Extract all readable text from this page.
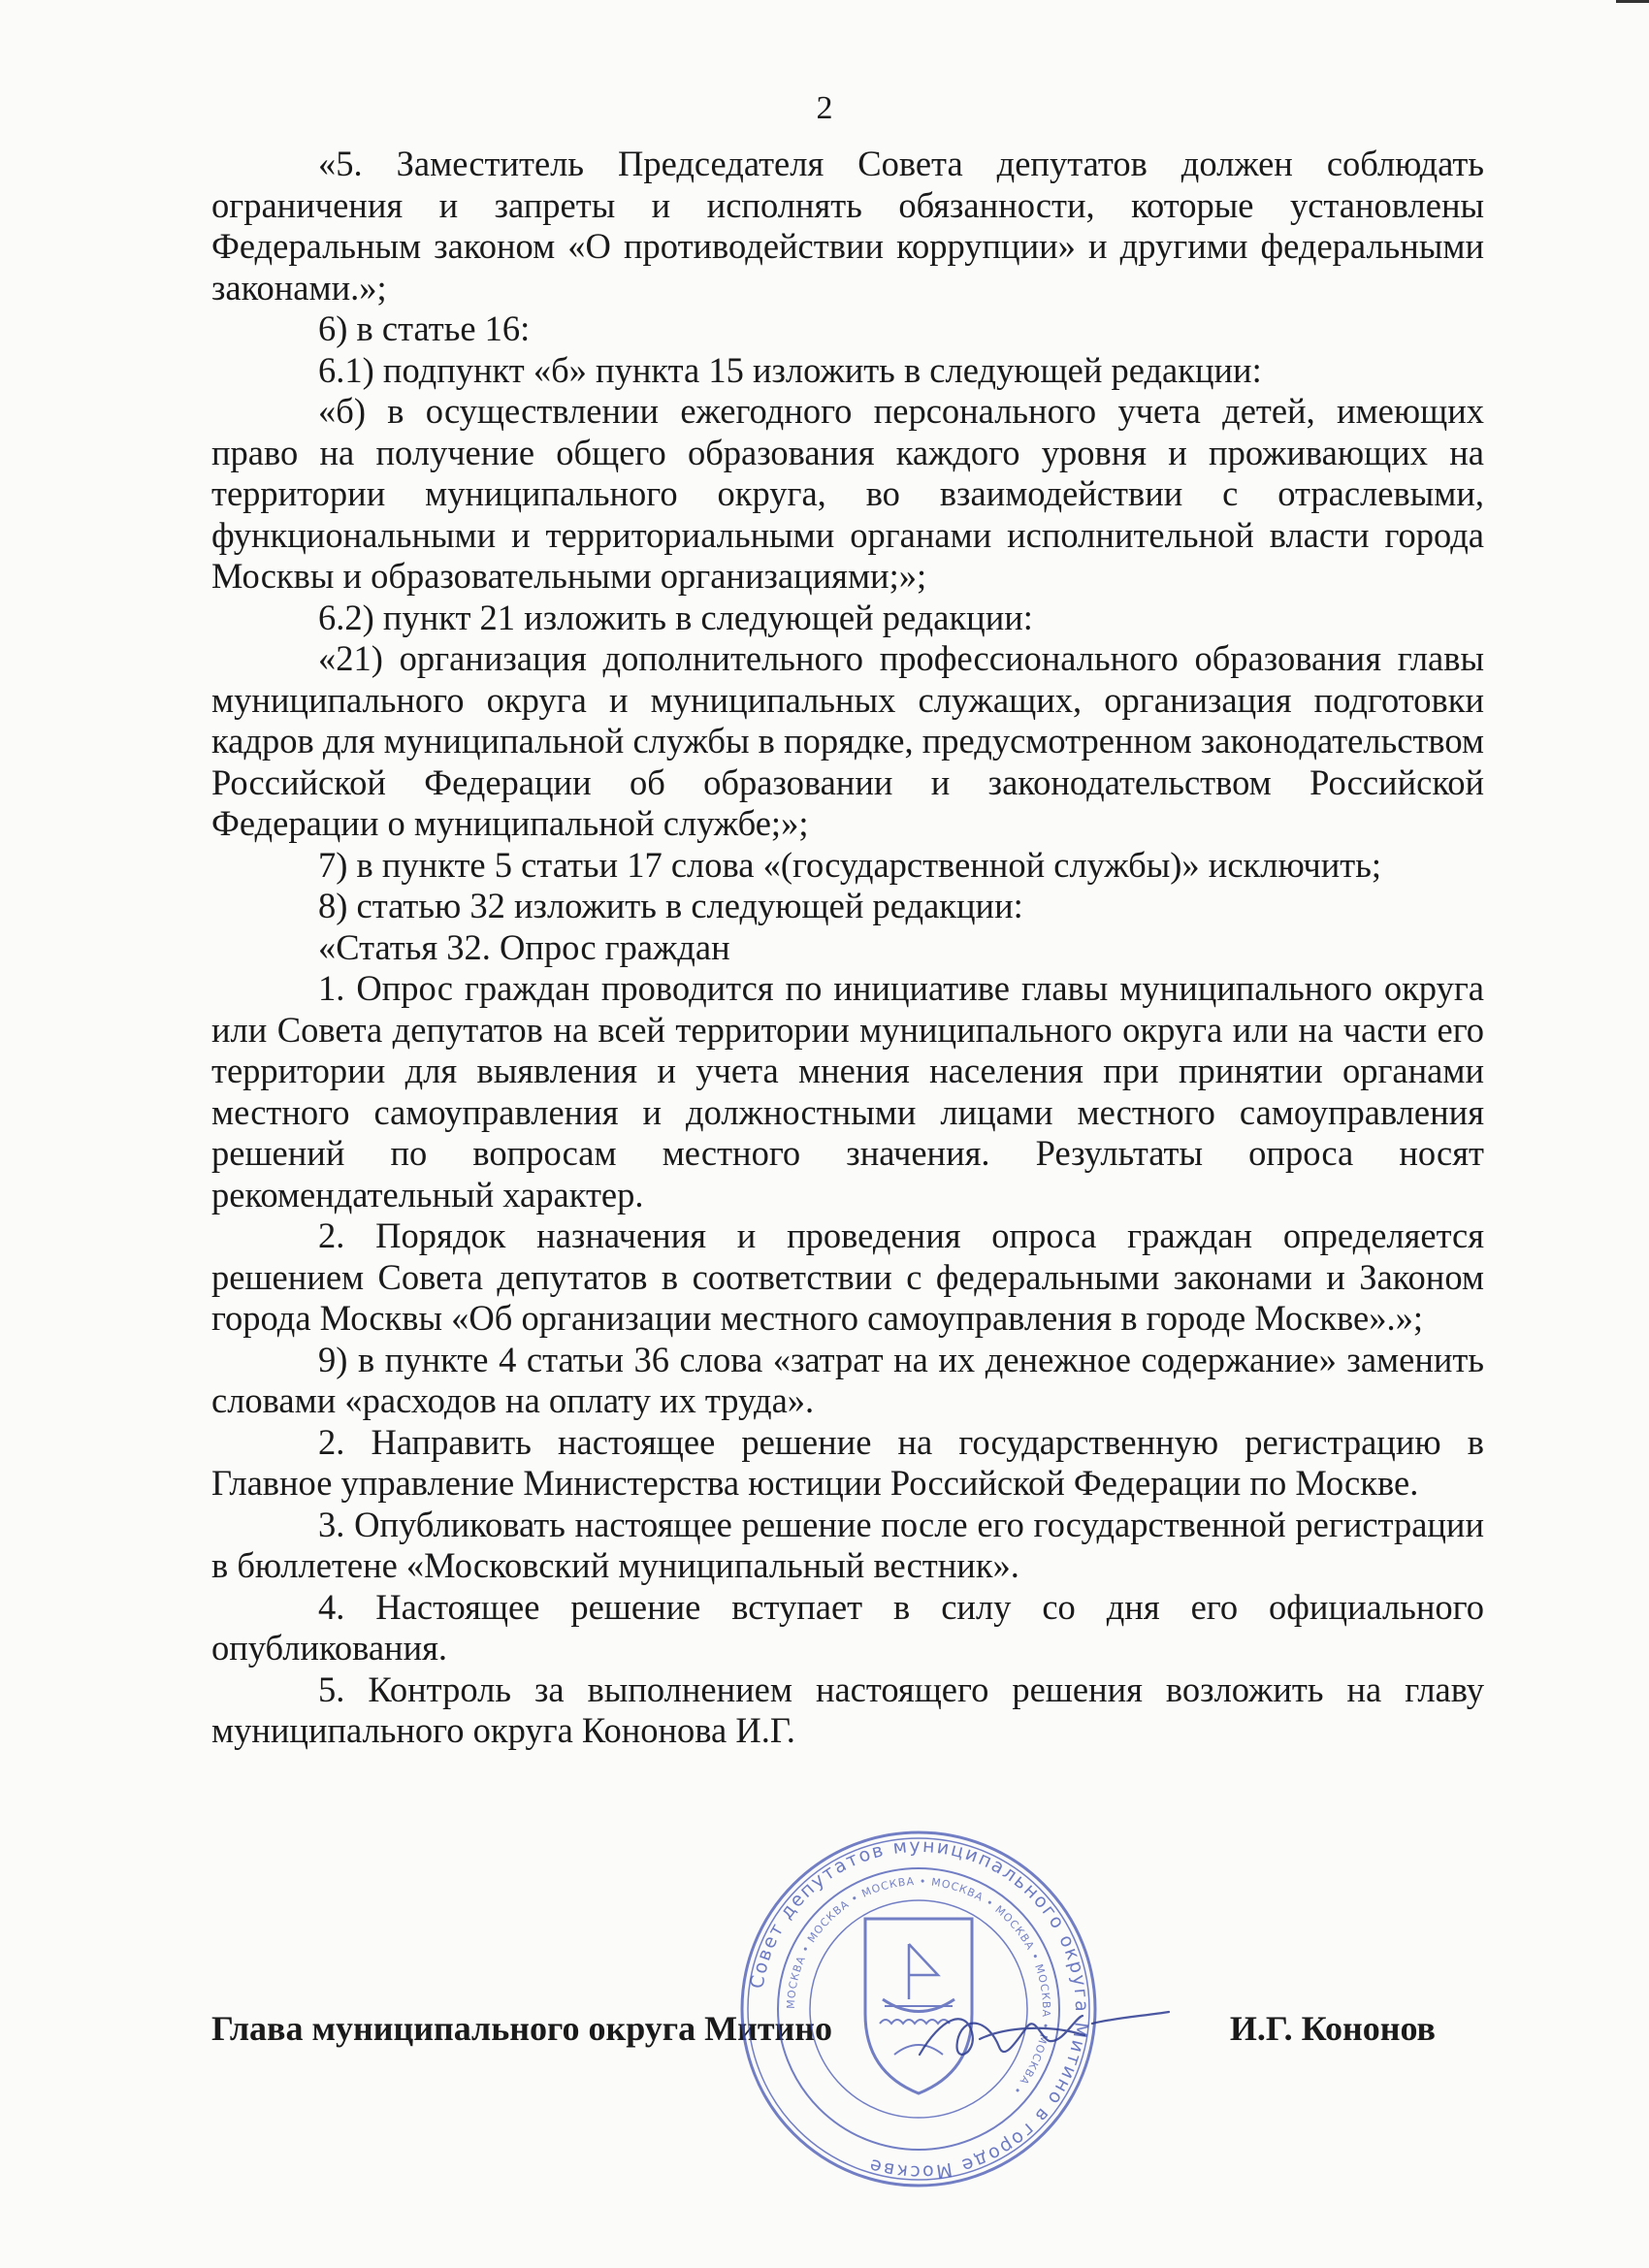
2

«5. Заместитель Председателя Совета депутатов должен соблюдать ограничения и запреты и исполнять обязанности, которые установлены Федеральным законом «О противодействии коррупции» и другими федеральными законами.»;

6) в статье 16:

6.1) подпункт «б» пункта 15 изложить в следующей редакции:

«б) в осуществлении ежегодного персонального учета детей, имеющих право на получение общего образования каждого уровня и проживающих на территории муниципального округа, во взаимодействии с отраслевыми, функциональными и территориальными органами исполнительной власти города Москвы и образовательными организациями;»;

6.2) пункт 21 изложить в следующей редакции:

«21) организация дополнительного профессионального образования главы муниципального округа и муниципальных служащих, организация подготовки кадров для муниципальной службы в порядке, предусмотренном законодательством Российской Федерации об образовании и законодательством Российской Федерации о муниципальной службе;»;

7) в пункте 5 статьи 17 слова «(государственной службы)» исключить;

8) статью 32 изложить в следующей редакции:

«Статья 32. Опрос граждан

1. Опрос граждан проводится по инициативе главы муниципального округа или Совета депутатов на всей территории муниципального округа или на части его территории для выявления и учета мнения населения при принятии органами местного самоуправления и должностными лицами местного самоуправления решений по вопросам местного значения. Результаты опроса носят рекомендательный характер.

2. Порядок назначения и проведения опроса граждан определяется решением Совета депутатов в соответствии с федеральными законами и Законом города Москвы «Об организации местного самоуправления в городе Москве».»;

9) в пункте 4 статьи 36 слова «затрат на их денежное содержание» заменить словами «расходов на оплату их труда».

2. Направить настоящее решение на государственную регистрацию в Главное управление Министерства юстиции Российской Федерации по Москве.

3. Опубликовать настоящее решение после его государственной регистрации в бюллетене «Московский муниципальный вестник».

4. Настоящее решение вступает в силу со дня его официального опубликования.

5. Контроль за выполнением настоящего решения возложить на главу муниципального округа Кононова И.Г.

Глава муниципального округа Митино	И.Г. Кононов
Совет депутатов муниципального округа Митино в городе Москве
МОСКВА • МОСКВА • МОСКВА • МОСКВА • МОСКВА • МОСКВА • МОСКВА •
